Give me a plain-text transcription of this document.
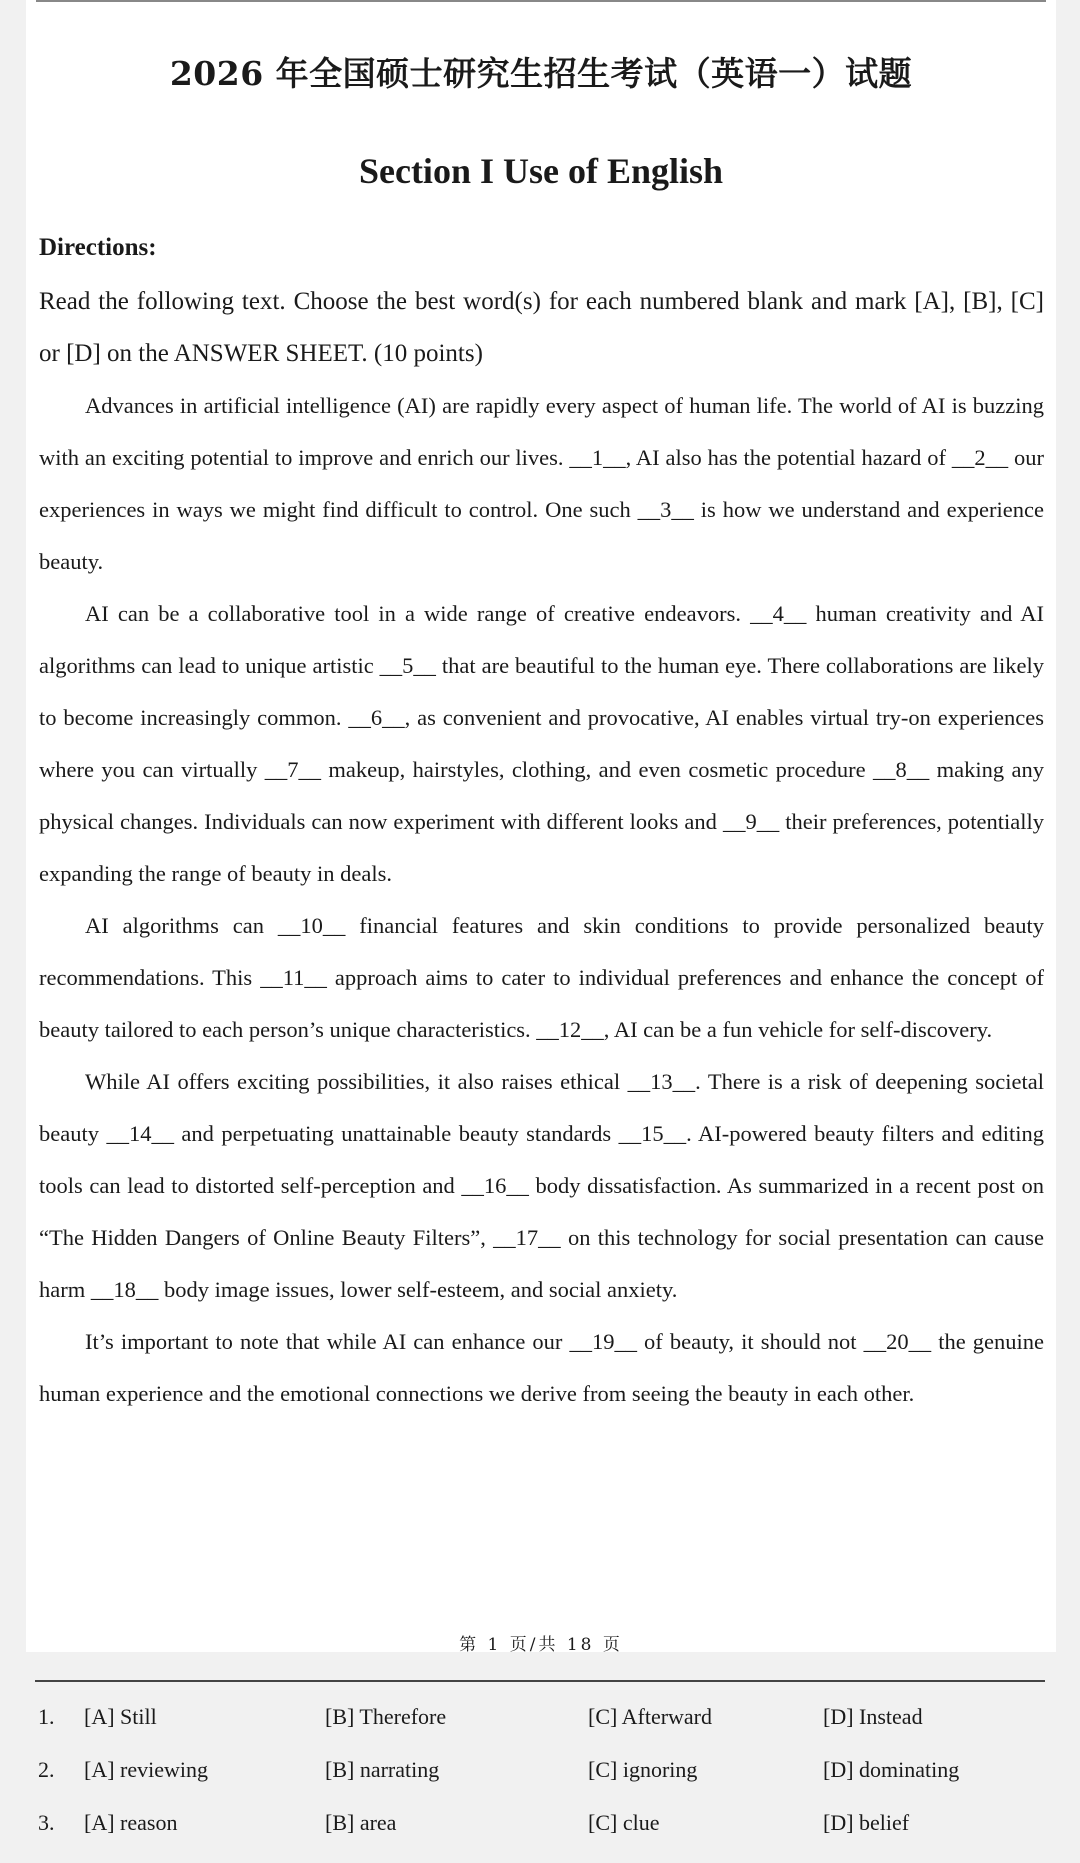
2026 年全国硕士研究生招生考试（英语一）试题
Section I Use of English
Directions:

Read the following text. Choose the best word(s) for each numbered blank and mark [A], [B], [C] or [D] on the ANSWER SHEET. (10 points)

Advances in artificial intelligence (AI) are rapidly every aspect of human life. The world of AI is buzzing with an exciting potential to improve and enrich our lives. __1__, AI also has the potential hazard of __2__ our experiences in ways we might find difficult to control. One such __3__ is how we understand and experience beauty.

AI can be a collaborative tool in a wide range of creative endeavors. __4__ human creativity and AI algorithms can lead to unique artistic __5__ that are beautiful to the human eye. There collaborations are likely to become increasingly common. __6__, as convenient and provocative, AI enables virtual try-on experiences where you can virtually __7__ makeup, hairstyles, clothing, and even cosmetic procedure __8__ making any physical changes. Individuals can now experiment with different looks and __9__ their preferences, potentially expanding the range of beauty in deals.

AI algorithms can __10__ financial features and skin conditions to provide personalized beauty recommendations. This __11__ approach aims to cater to individual preferences and enhance the concept of beauty tailored to each person’s unique characteristics. __12__, AI can be a fun vehicle for self-discovery.

While AI offers exciting possibilities, it also raises ethical __13__. There is a risk of deepening societal beauty __14__ and perpetuating unattainable beauty standards __15__. AI-powered beauty filters and editing tools can lead to distorted self-perception and __16__ body dissatisfaction. As summarized in a recent post on “The Hidden Dangers of Online Beauty Filters”, __17__ on this technology for social presentation can cause harm __18__ body image issues, lower self-esteem, and social anxiety.

It’s important to note that while AI can enhance our __19__ of beauty, it should not __20__ the genuine human experience and the emotional connections we derive from seeing the beauty in each other.

第 1 页/共 18 页
1. [A] Still	[B] Therefore	[C] Afterward	[D] Instead
2. [A] reviewing	[B] narrating	[C] ignoring	[D] dominating
3. [A] reason	[B] area	[C] clue	[D] belief
